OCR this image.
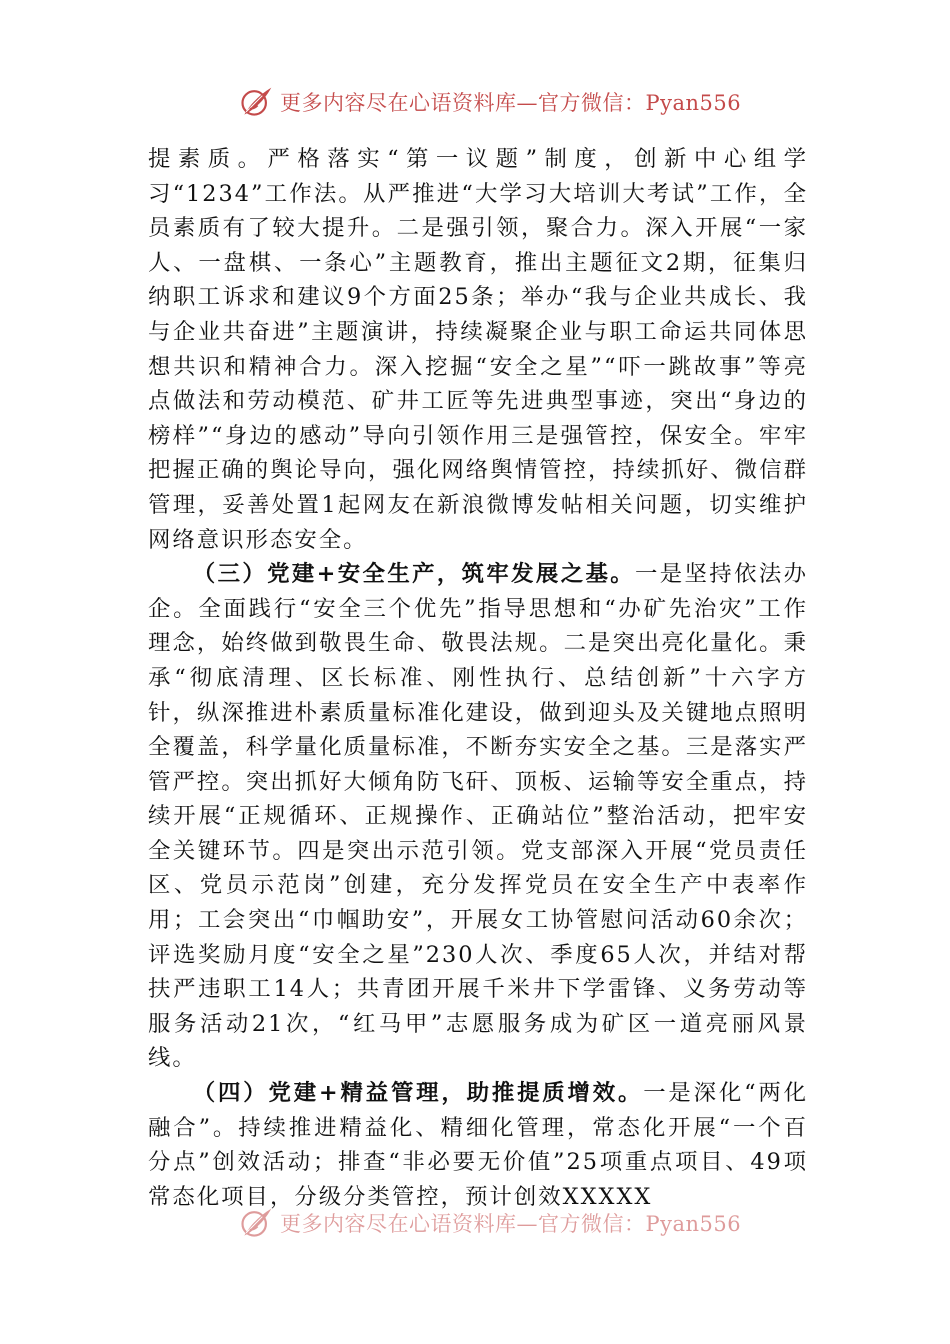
更多内容尽在心语资料库—官方微信：Pyan556

提素质。严格落实“第一议题”制度，创新中心组学习“1234”工作法。从严推进“大学习大培训大考试”工作，全员素质有了较大提升。二是强引领，聚合力。深入开展“一家人、一盘棋、一条心”主题教育，推出主题征文2期，征集归纳职工诉求和建议9个方面25条；举办“我与企业共成长、我与企业共奋进”主题演讲，持续凝聚企业与职工命运共同体思想共识和精神合力。深入挖掘“安全之星”“吓一跳故事”等亮点做法和劳动模范、矿井工匠等先进典型事迹，突出“身边的榜样”“身边的感动”导向引领作用三是强管控，保安全。牢牢把握正确的舆论导向，强化网络舆情管控，持续抓好、微信群管理，妥善处置1起网友在新浪微博发帖相关问题，切实维护网络意识形态安全。

（三）党建+安全生产，筑牢发展之基。一是坚持依法办企。全面践行“安全三个优先”指导思想和“办矿先治灾”工作理念，始终做到敬畏生命、敬畏法规。二是突出亮化量化。秉承“彻底清理、区长标准、刚性执行、总结创新”十六字方针，纵深推进朴素质量标准化建设，做到迎头及关键地点照明全覆盖，科学量化质量标准，不断夯实安全之基。三是落实严管严控。突出抓好大倾角防飞矸、顶板、运输等安全重点，持续开展“正规循环、正规操作、正确站位”整治活动，把牢安全关键环节。四是突出示范引领。党支部深入开展“党员责任区、党员示范岗”创建，充分发挥党员在安全生产中表率作用；工会突出“巾帼助安”，开展女工协管慰问活动60余次；评选奖励月度“安全之星”230人次、季度65人次，并结对帮扶严违职工14人；共青团开展千米井下学雷锋、义务劳动等服务活动21次，“红马甲”志愿服务成为矿区一道亮丽风景线。

（四）党建+精益管理，助推提质增效。一是深化“两化融合”。持续推进精益化、精细化管理，常态化开展“一个百分点”创效活动；排查“非必要无价值”25项重点项目、49项常态化项目，分级分类管控，预计创效XXXXX

更多内容尽在心语资料库—官方微信：Pyan556
